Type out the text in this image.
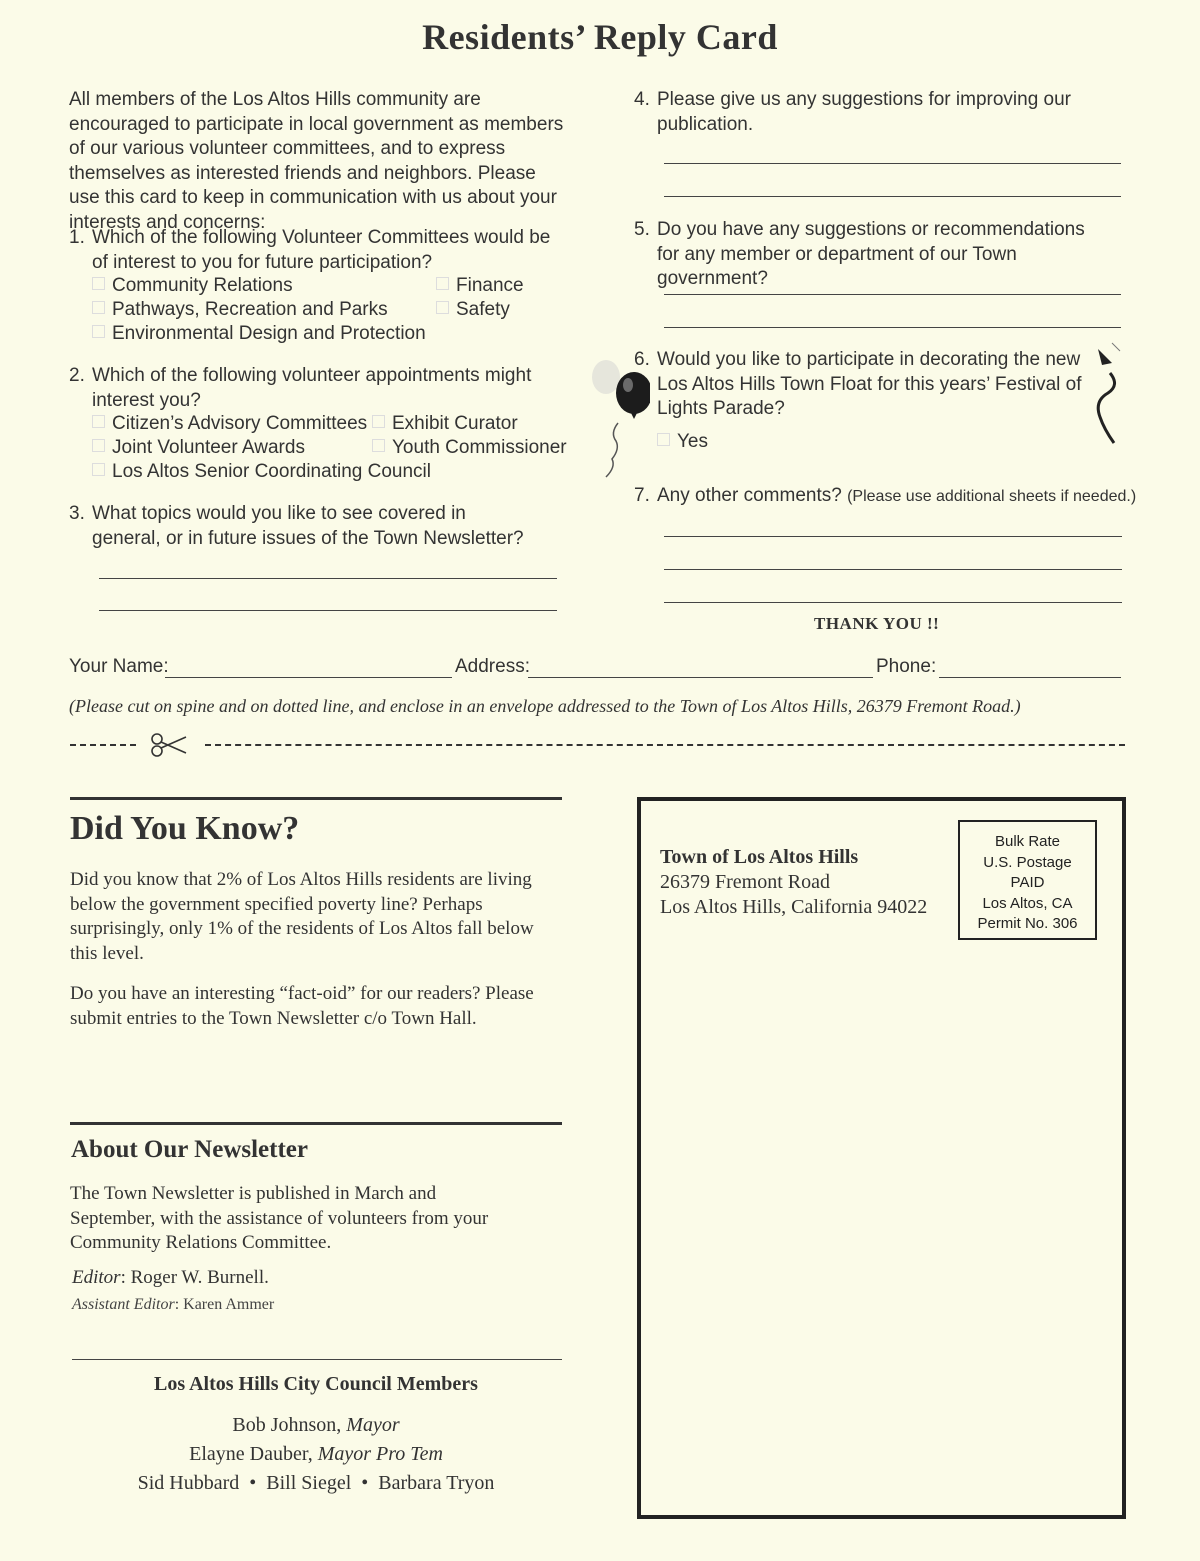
Residents’ Reply Card
All members of the Los Altos Hills community are encouraged to participate in local government as members of our various volunteer committees, and to express themselves as interested friends and neighbors. Please use this card to keep in communication with us about your interests and concerns:
1. Which of the following Volunteer Committees would be of interest to you for future participation?
Community Relations
Pathways, Recreation and Parks
Environmental Design and Protection
Finance
Safety
2. Which of the following volunteer appointments might interest you?
Citizen’s Advisory Committees
Joint Volunteer Awards
Los Altos Senior Coordinating Council
Exhibit Curator
Youth Commissioner
3. What topics would you like to see covered in general, or in future issues of the Town Newsletter?
4. Please give us any suggestions for improving our publication.
5. Do you have any suggestions or recommendations for any member or department of our Town government?
6. Would you like to participate in decorating the new Los Altos Hills Town Float for this years’ Festival of Lights Parade?
Yes
7. Any other comments? (Please use additional sheets if needed.)
THANK YOU !!
Your Name:	Address:	Phone:
(Please cut on spine and on dotted line, and enclose in an envelope addressed to the Town of Los Altos Hills, 26379 Fremont Road.)
Did You Know?
Did you know that 2% of Los Altos Hills residents are living below the government specified poverty line? Perhaps surprisingly, only 1% of the residents of Los Altos fall below this level.
Do you have an interesting “fact-oid” for our readers? Please submit entries to the Town Newsletter c/o Town Hall.
About Our Newsletter
The Town Newsletter is published in March and September, with the assistance of volunteers from your Community Relations Committee.
Editor: Roger W. Burnell.
Assistant Editor: Karen Ammer
Los Altos Hills City Council Members
Bob Johnson, Mayor
Elayne Dauber, Mayor Pro Tem
Sid Hubbard  •  Bill Siegel  •  Barbara Tryon
Town of Los Altos Hills
26379 Fremont Road
Los Altos Hills, California 94022
Bulk Rate
U.S. Postage
PAID
Los Altos, CA
Permit No. 306
